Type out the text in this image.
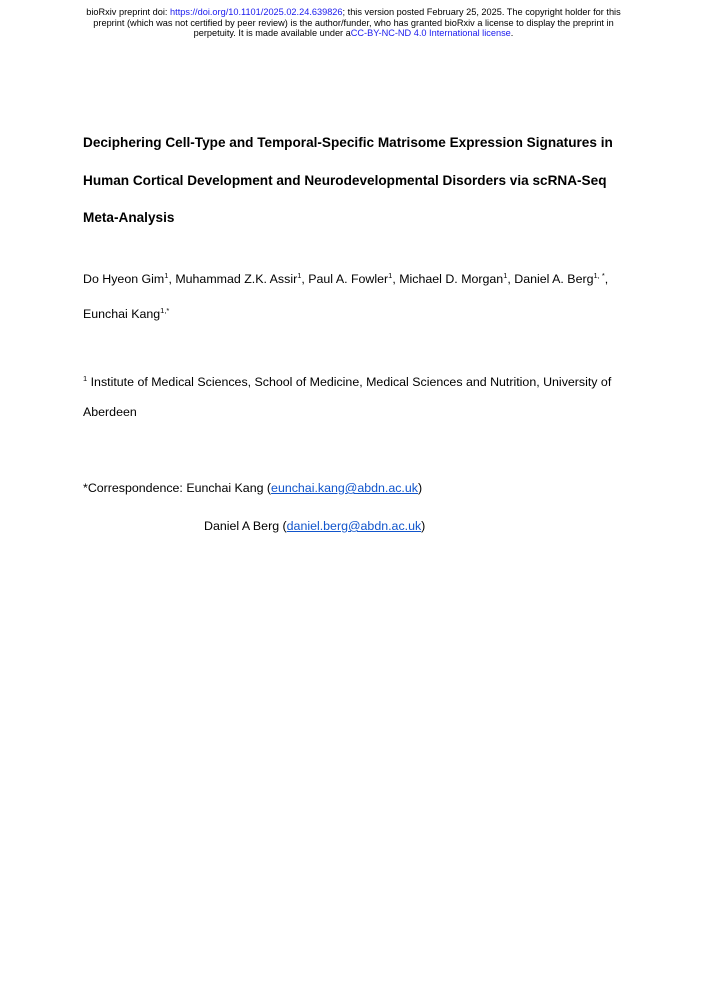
bioRxiv preprint doi: https://doi.org/10.1101/2025.02.24.639826; this version posted February 25, 2025. The copyright holder for this
preprint (which was not certified by peer review) is the author/funder, who has granted bioRxiv a license to display the preprint in
perpetuity. It is made available under aCC-BY-NC-ND 4.0 International license.
Deciphering Cell-Type and Temporal-Specific Matrisome Expression Signatures in Human Cortical Development and Neurodevelopmental Disorders via scRNA-Seq Meta-Analysis
Do Hyeon Gim$^1$, Muhammad Z.K. Assir$^1$, Paul A. Fowler$^1$, Michael D. Morgan$^1$, Daniel A. Berg$^{1, *}$, Eunchai Kang$^{1,*}$
$^1$ Institute of Medical Sciences, School of Medicine, Medical Sciences and Nutrition, University of Aberdeen
*Correspondence: Eunchai Kang (eunchai.kang@abdn.ac.uk)
Daniel A Berg (daniel.berg@abdn.ac.uk)
